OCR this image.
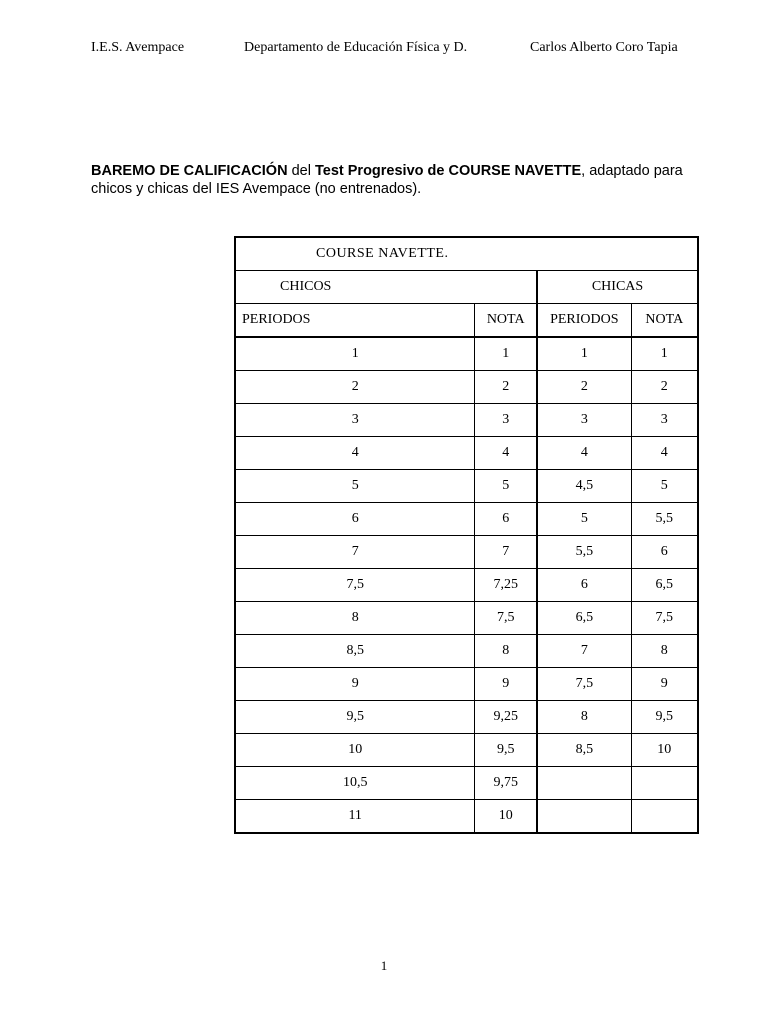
I.E.S. Avempace	Departamento de Educación Física y D.	Carlos Alberto Coro Tapia
BAREMO DE CALIFICACIÓN del Test Progresivo de COURSE NAVETTE, adaptado para chicos y chicas del IES Avempace (no entrenados).
COURSE NAVETTE.			
CHICOS		CHICAS	
PERIODOS	NOTA	PERIODOS	NOTA
1	1	1	1
2	2	2	2
3	3	3	3
4	4	4	4
5	5	4,5	5
6	6	5	5,5
7	7	5,5	6
7,5	7,25	6	6,5
8	7,5	6,5	7,5
8,5	8	7	8
9	9	7,5	9
9,5	9,25	8	9,5
10	9,5	8,5	10
10,5	9,75		
11	10		
1
